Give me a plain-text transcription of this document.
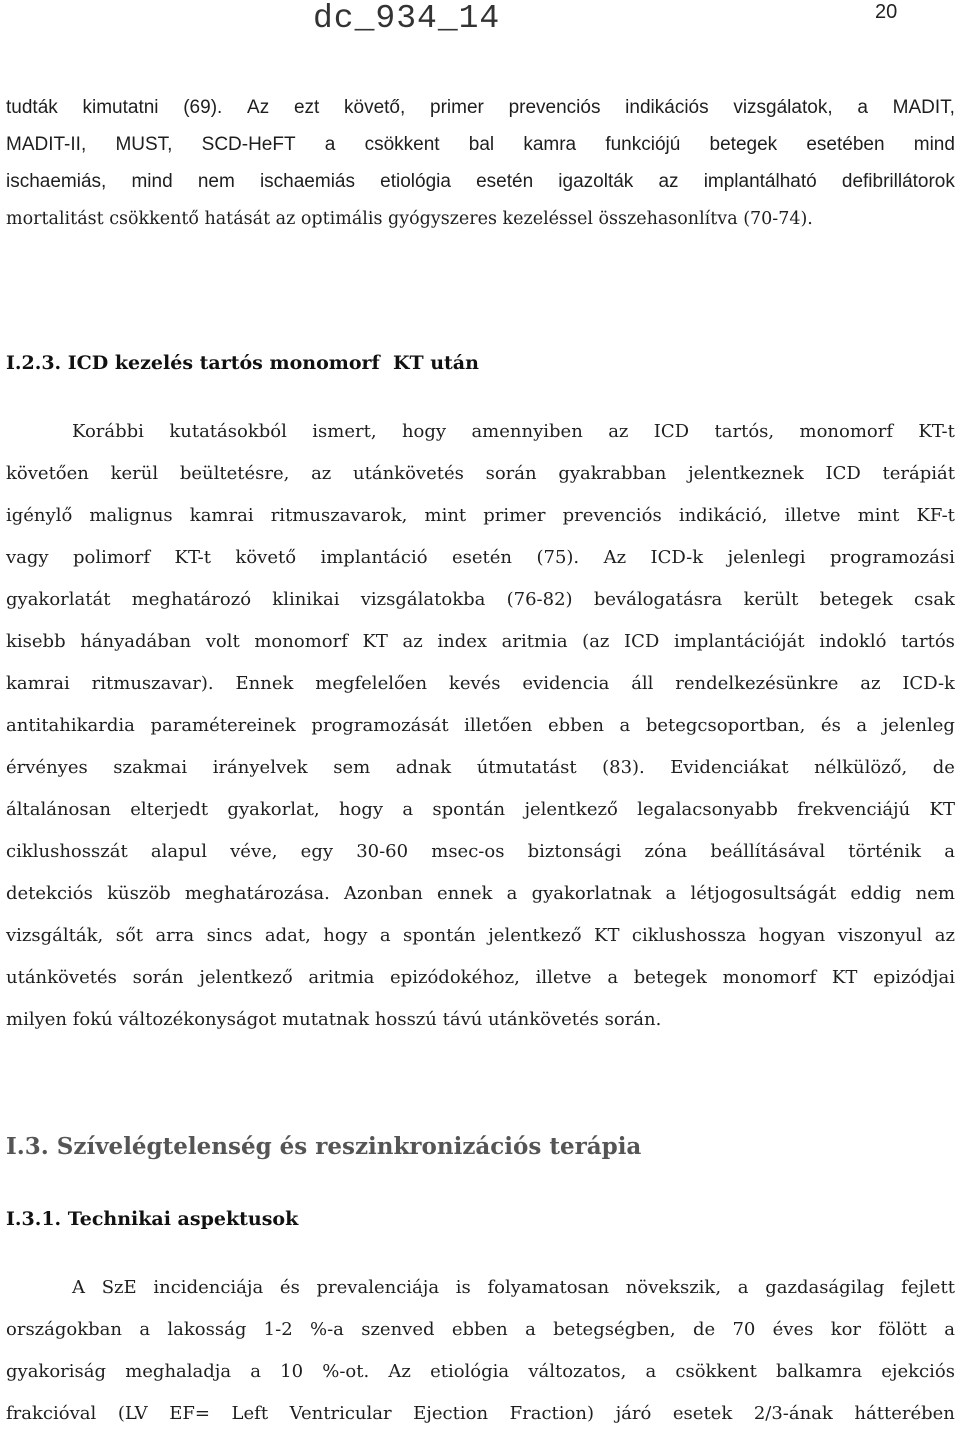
dc_934_14	20
tudták kimutatni (69). Az ezt követő, primer prevenciós indikációs vizsgálatok, a MADIT,
MADIT-II, MUST, SCD-HeFT a csökkent bal kamra funkciójú betegek esetében mind
ischaemiás, mind nem ischaemiás etiológia esetén igazolták az implantálható defibrillátorok
mortalitást csökkentő hatását az optimális gyógyszeres kezeléssel összehasonlítva (70-74).
I.2.3. ICD kezelés tartós monomorf  KT után
Korábbi kutatásokból ismert, hogy amennyiben az ICD tartós, monomorf KT-t
követően kerül beültetésre, az utánkövetés során gyakrabban jelentkeznek ICD terápiát
igénylő malignus kamrai ritmuszavarok, mint primer prevenciós indikáció, illetve mint KF-t
vagy polimorf KT-t követő implantáció esetén (75). Az ICD-k jelenlegi programozási
gyakorlatát meghatározó klinikai vizsgálatokba (76-82) beválogatásra került betegek csak
kisebb hányadában volt monomorf KT az index aritmia (az ICD implantációját indokló tartós
kamrai ritmuszavar). Ennek megfelelően kevés evidencia áll rendelkezésünkre az ICD-k
antitahikardia paramétereinek programozását illetően ebben a betegcsoportban, és a jelenleg
érvényes szakmai irányelvek sem adnak útmutatást (83). Evidenciákat nélkülöző, de
általánosan elterjedt gyakorlat, hogy a spontán jelentkező legalacsonyabb frekvenciájú KT
ciklushosszát alapul véve, egy 30-60 msec-os biztonsági zóna beállításával történik a
detekciós küszöb meghatározása. Azonban ennek a gyakorlatnak a létjogosultságát eddig nem
vizsgálták, sőt arra sincs adat, hogy a spontán jelentkező KT ciklushossza hogyan viszonyul az
utánkövetés során jelentkező aritmia epizódokéhoz, illetve a betegek monomorf KT epizódjai
milyen fokú változékonyságot mutatnak hosszú távú utánkövetés során.
I.3. Szívelégtelenség és reszinkronizációs terápia
I.3.1. Technikai aspektusok
A SzE incidenciája és prevalenciája is folyamatosan növekszik, a gazdaságilag fejlett
országokban a lakosság 1-2 %-a szenved ebben a betegségben, de 70 éves kor fölött a
gyakoriság meghaladja a 10 %-ot. Az etiológia változatos, a csökkent balkamra ejekciós
frakcióval (LV EF= Left Ventricular Ejection Fraction) járó esetek 2/3-ának hátterében
